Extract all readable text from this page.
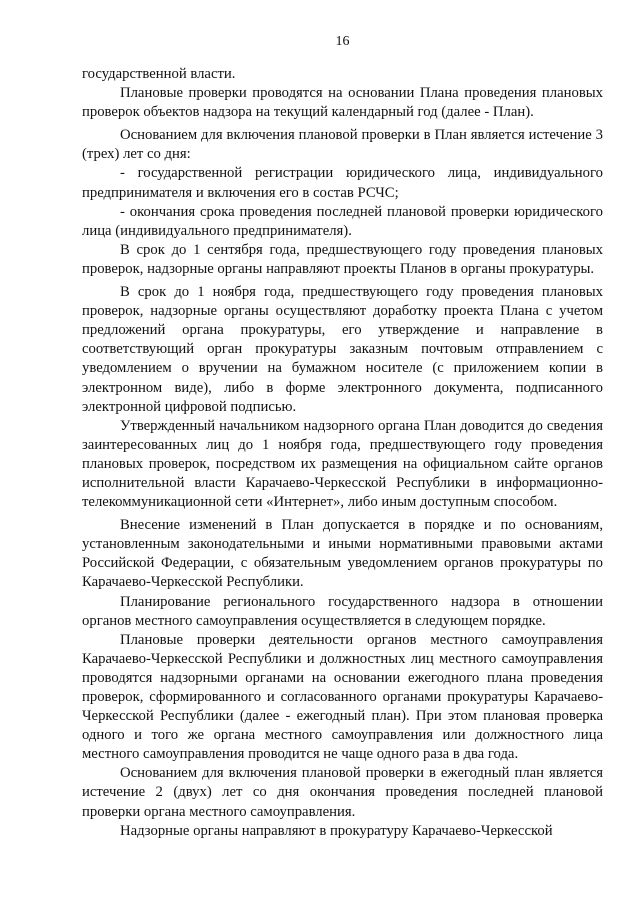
16

государственной власти.

Плановые проверки проводятся на основании Плана проведения плановых проверок объектов надзора на текущий календарный год (далее - План).

Основанием для включения плановой проверки в План является истечение 3 (трех) лет со дня:

- государственной регистрации юридического лица, индивидуального предпринимателя и включения его в состав РСЧС;

- окончания срока проведения последней плановой проверки юридического лица (индивидуального предпринимателя).

В срок до 1 сентября года, предшествующего году проведения плановых проверок, надзорные органы направляют проекты Планов в органы прокуратуры.

В срок до 1 ноября года, предшествующего году проведения плановых проверок, надзорные органы осуществляют доработку проекта Плана с учетом предложений органа прокуратуры, его утверждение и направление в соответствующий орган прокуратуры заказным почтовым отправлением с уведомлением о вручении на бумажном носителе (с приложением копии в электронном виде), либо в форме электронного документа, подписанного электронной цифровой подписью.

Утвержденный начальником надзорного органа План доводится до сведения заинтересованных лиц до 1 ноября года, предшествующего году проведения плановых проверок, посредством их размещения на официальном сайте органов исполнительной власти Карачаево-Черкесской Республики в информационно-телекоммуникационной сети «Интернет», либо иным доступным способом.

Внесение изменений в План допускается в порядке и по основаниям, установленным законодательными и иными нормативными правовыми актами Российской Федерации, с обязательным уведомлением органов прокуратуры по Карачаево-Черкесской Республики.

Планирование регионального государственного надзора в отношении органов местного самоуправления осуществляется в следующем порядке.

Плановые проверки деятельности органов местного самоуправления Карачаево-Черкесской Республики и должностных лиц местного самоуправления проводятся надзорными органами на основании ежегодного плана проведения проверок, сформированного и согласованного органами прокуратуры Карачаево-Черкесской Республики (далее - ежегодный план). При этом плановая проверка одного и того же органа местного самоуправления или должностного лица местного самоуправления проводится не чаще одного раза в два года.

Основанием для включения плановой проверки в ежегодный план является истечение 2 (двух) лет со дня окончания проведения последней плановой проверки органа местного самоуправления.

Надзорные органы направляют в прокуратуру Карачаево-Черкесской
